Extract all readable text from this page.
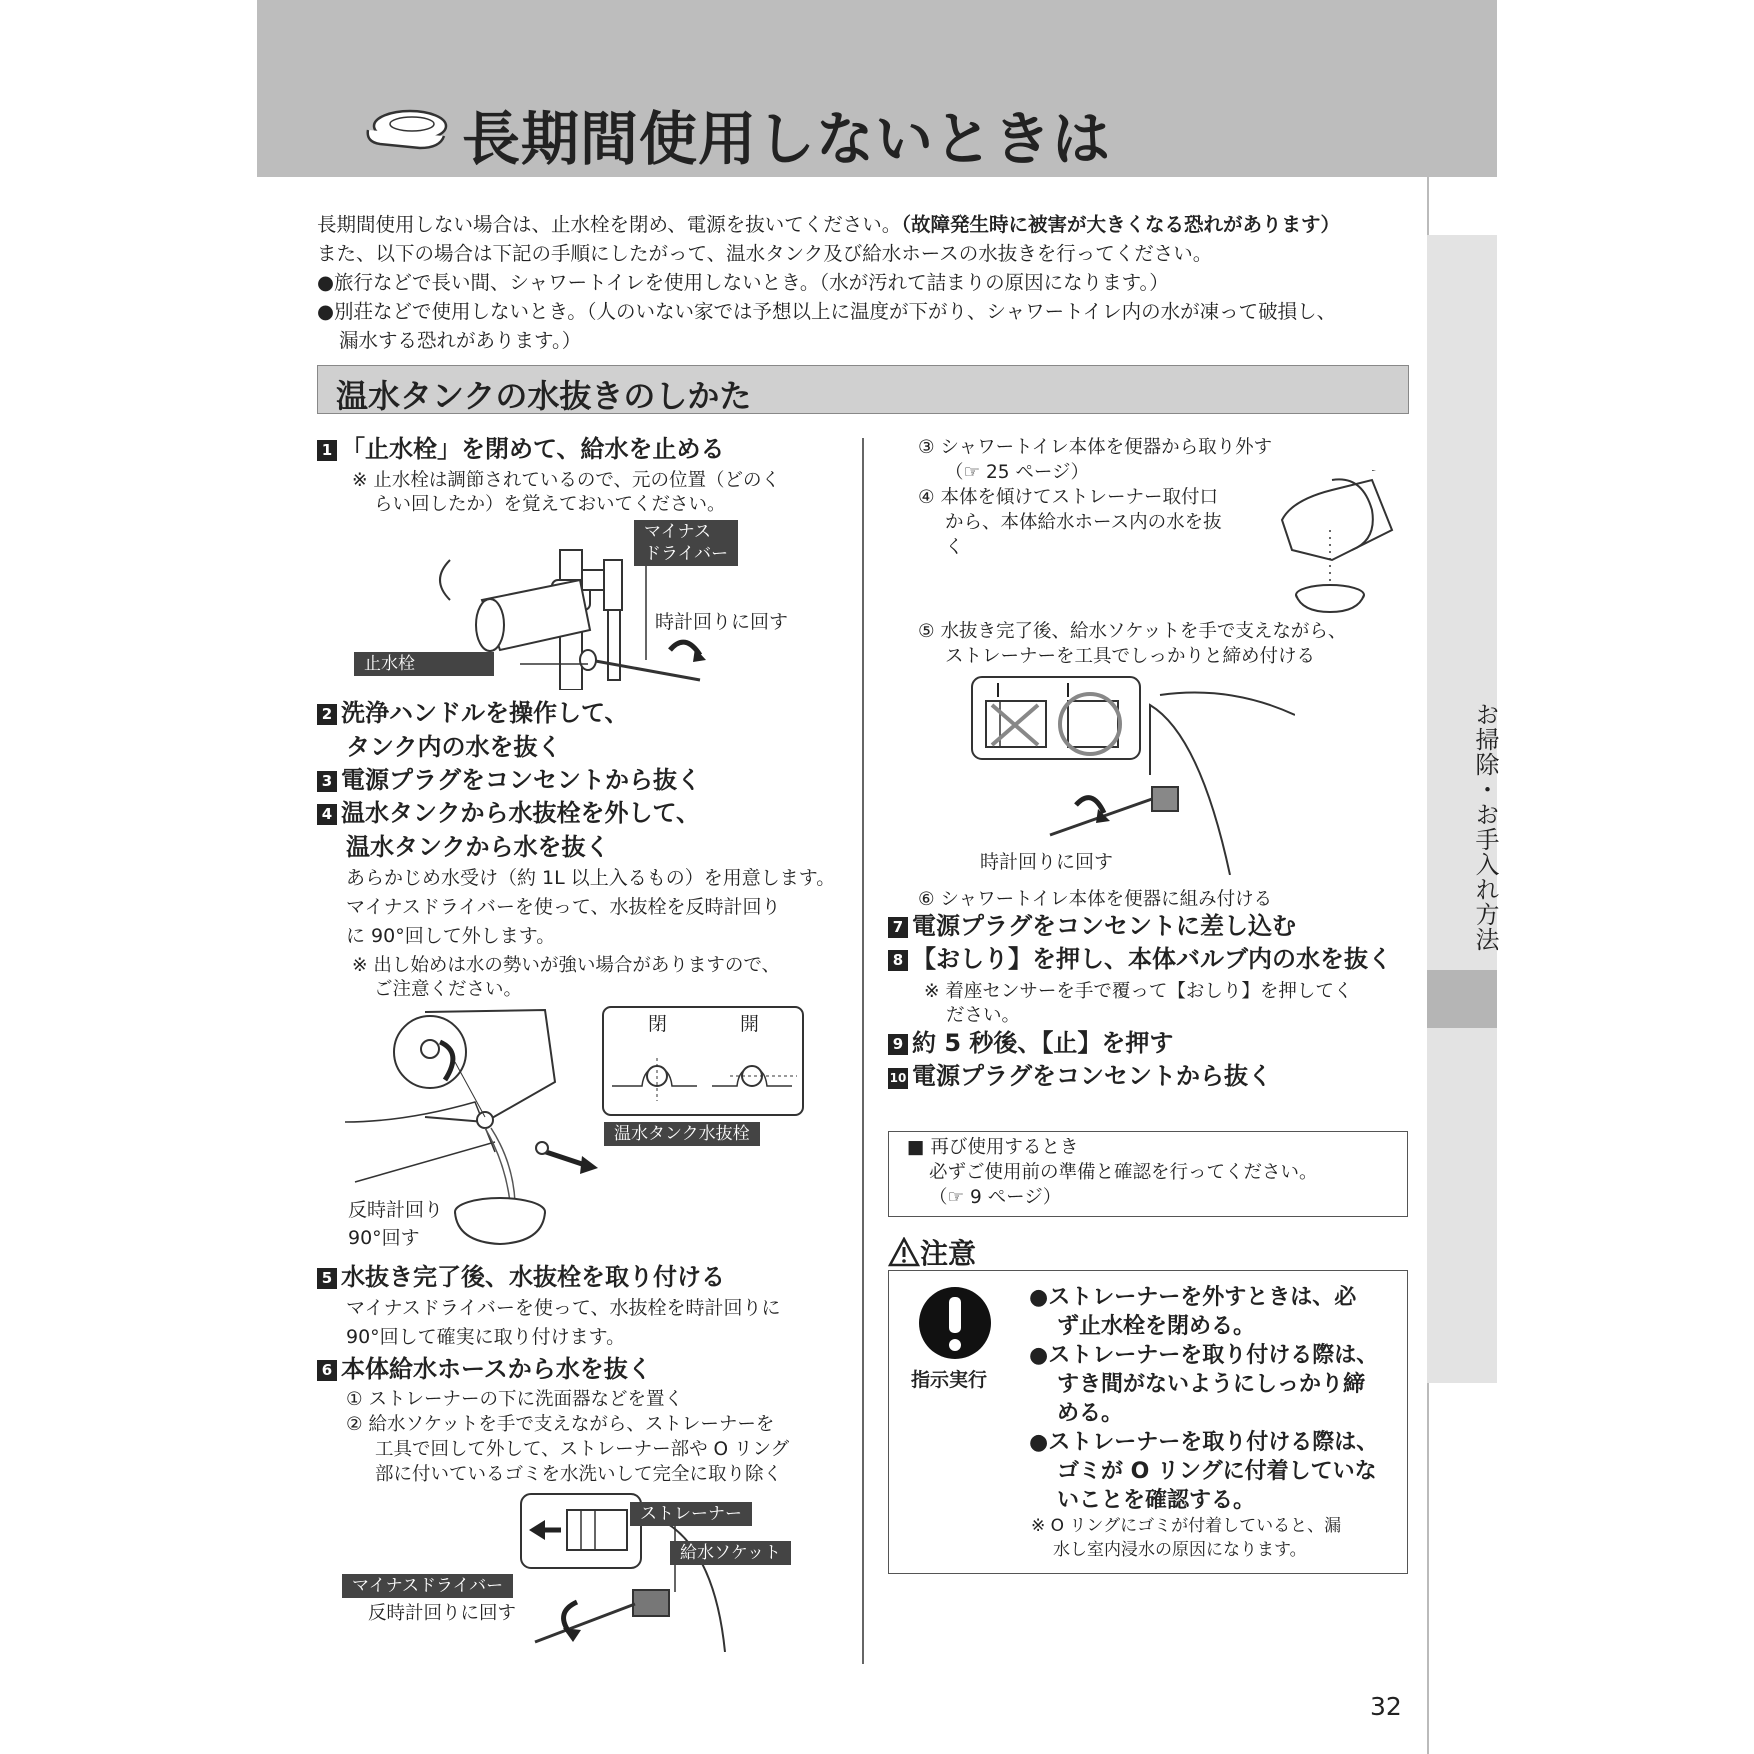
長期間使用しないときは
お掃除・お手入れ方法

長期間使用しない場合は、止水栓を閉め、電源を抜いてください。（故障発生時に被害が大きくなる恐れがあります）

また、以下の場合は下記の手順にしたがって、温水タンク及び給水ホースの水抜きを行ってください。

●旅行などで長い間、シャワートイレを使用しないとき。（水が汚れて詰まりの原因になります。）

●別荘などで使用しないとき。（人のいない家では予想以上に温度が下がり、シャワートイレ内の水が凍って破損し、

漏水する恐れがあります。）

温水タンクの水抜きのしかた
1 「止水栓」を閉めて、給水を止める
※ 止水栓は調節されているので、元の位置（どのく
らい回したか）を覚えておいてください。
マイナス
ドライバー
時計回りに回す
止水栓
2 洗浄ハンドルを操作して、
タンク内の水を抜く
3 電源プラグをコンセントから抜く
4 温水タンクから水抜栓を外して、
温水タンクから水を抜く
あらかじめ水受け（約 1L 以上入るもの）を用意します。
マイナスドライバーを使って、水抜栓を反時計回り
に 90°回して外します。
※ 出し始めは水の勢いが強い場合がありますので、
ご注意ください。
閉	開
温水タンク水抜栓
反時計回り
90°回す
5 水抜き完了後、水抜栓を取り付ける
マイナスドライバーを使って、水抜栓を時計回りに
90°回して確実に取り付けます。
6 本体給水ホースから水を抜く
① ストレーナーの下に洗面器などを置く
② 給水ソケットを手で支えながら、ストレーナーを
工具で回して外して、ストレーナー部や O リング
部に付いているゴミを水洗いして完全に取り除く
ストレーナー
給水ソケット
マイナスドライバー
反時計回りに回す
③ シャワートイレ本体を便器から取り外す
（☞ 25 ページ）
④ 本体を傾けてストレーナー取付口
から、本体給水ホース内の水を抜
く
⑤ 水抜き完了後、給水ソケットを手で支えながら、
ストレーナーを工具でしっかりと締め付ける
時計回りに回す
⑥ シャワートイレ本体を便器に組み付ける
7 電源プラグをコンセントに差し込む
8 【おしり】を押し、本体バルブ内の水を抜く
※ 着座センサーを手で覆って【おしり】を押してく
ださい。
9 約 5 秒後、【止】を押す
10 電源プラグをコンセントから抜く
■ 再び使用するとき
必ずご使用前の準備と確認を行ってください。
（☞ 9 ページ）
注意
指示実行
●ストレーナーを外すときは、必
ず止水栓を閉める。
●ストレーナーを取り付ける際は、
すき間がないようにしっかり締
める。
●ストレーナーを取り付ける際は、
ゴミが O リングに付着していな
いことを確認する。
※ O リングにゴミが付着していると、漏
水し室内浸水の原因になります。
32
